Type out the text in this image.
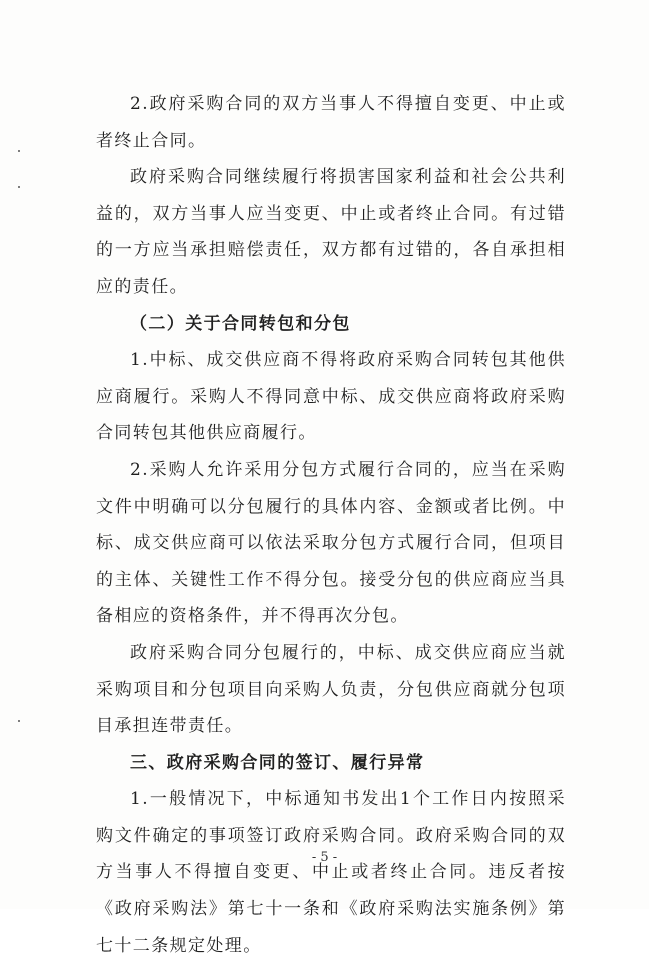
2.政府采购合同的双方当事人不得擅自变更、中止或者终止合同。

政府采购合同继续履行将损害国家利益和社会公共利益的，双方当事人应当变更、中止或者终止合同。有过错的一方应当承担赔偿责任，双方都有过错的，各自承担相应的责任。

（二）关于合同转包和分包

1.中标、成交供应商不得将政府采购合同转包其他供应商履行。采购人不得同意中标、成交供应商将政府采购合同转包其他供应商履行。

2.采购人允许采用分包方式履行合同的，应当在采购文件中明确可以分包履行的具体内容、金额或者比例。中标、成交供应商可以依法采取分包方式履行合同，但项目的主体、关键性工作不得分包。接受分包的供应商应当具备相应的资格条件，并不得再次分包。

政府采购合同分包履行的，中标、成交供应商应当就采购项目和分包项目向采购人负责，分包供应商就分包项目承担连带责任。

三、政府采购合同的签订、履行异常

1.一般情况下，中标通知书发出1个工作日内按照采购文件确定的事项签订政府采购合同。政府采购合同的双方当事人不得擅自变更、中止或者终止合同。违反者按《政府采购法》第七十一条和《政府采购法实施条例》第七十二条规定处理。

- 5 -
